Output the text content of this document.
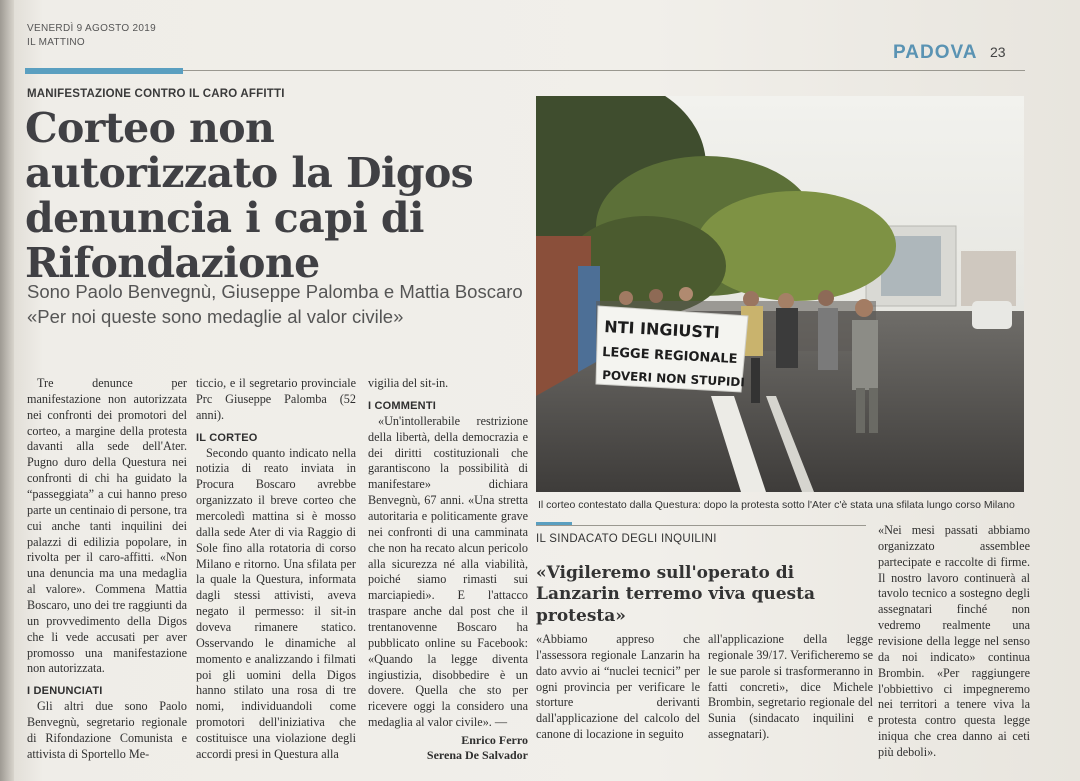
VENERDÌ 9 AGOSTO 2019
IL MATTINO	PADOVA 23
MANIFESTAZIONE CONTRO IL CARO AFFITTI
Corteo non autorizzato la Digos denuncia i capi di Rifondazione
Sono Paolo Benvegnù, Giuseppe Palomba e Mattia Boscaro «Per noi queste sono medaglie al valor civile»

Tre denunce per manifestazione non autorizzata nei confronti dei promotori del corteo, a margine della protesta davanti alla sede dell'Ater. Pugno duro della Questura nei confronti di chi ha guidato la “passeggiata” a cui hanno preso parte un centinaio di persone, tra cui anche tanti inquilini dei palazzi di edilizia popolare, in rivolta per il caro-affitti. «Non una denuncia ma una medaglia al valore». Commena Mattia Boscaro, uno dei tre raggiunti da un provvedimento della Digos che li vede accusati per aver promosso una manifestazione non autorizzata.

I DENUNCIATI

Gli altri due sono Paolo Benvegnù, segretario regionale di Rifondazione Comunista e attivista di Sportello Me-

ticcio, e il segretario provinciale Prc Giuseppe Palomba (52 anni).

IL CORTEO

Secondo quanto indicato nella notizia di reato inviata in Procura Boscaro avrebbe organizzato il breve corteo che mercoledì mattina si è mosso dalla sede Ater di via Raggio di Sole fino alla rotatoria di corso Milano e ritorno. Una sfilata per la quale la Questura, informata dagli stessi attivisti, aveva negato il permesso: il sit-in doveva rimanere statico. Osservando le dinamiche al momento e analizzando i filmati poi gli uomini della Digos hanno stilato una rosa di tre nomi, individuandoli come promotori dell'iniziativa che costituisce una violazione degli accordi presi in Questura alla

vigilia del sit-in.

I COMMENTI

«Un'intollerabile restrizione della libertà, della democrazia e dei diritti costituzionali che garantiscono la possibilità di manifestare» dichiara Benvegnù, 67 anni. «Una stretta autoritaria e politicamente grave nei confronti di una camminata che non ha recato alcun pericolo alla sicurezza né alla viabilità, poiché siamo rimasti sui marciapiedi». E l'attacco traspare anche dal post che il trentanovenne Boscaro ha pubblicato online su Facebook: «Quando la legge diventa ingiustizia, disobbedire è un dovere. Quella che sto per ricevere oggi la considero una medaglia al valor civile». —

Enrico Ferro
Serena De Salvador
NTI INGIUSTI
LEGGE REGIONALE
POVERI NON STUPIDI
Il corteo contestato dalla Questura: dopo la protesta sotto l'Ater c'è stata una sfilata lungo corso Milano
IL SINDACATO DEGLI INQUILINI
«Vigileremo sull'operato di Lanzarin terremo viva questa protesta»
«Abbiamo appreso che l'assessora regionale Lanzarin ha dato avvio ai “nuclei tecnici” per ogni provincia per verificare le storture derivanti dall'applicazione del calcolo del canone di locazione in seguito
all'applicazione della legge regionale 39/17. Verificheremo se le sue parole si trasformeranno in fatti concreti», dice Michele Brombin, segretario regionale del Sunia (sindacato inquilini e assegnatari).
«Nei mesi passati abbiamo organizzato assemblee partecipate e raccolte di firme. Il nostro lavoro continuerà al tavolo tecnico a sostegno degli assegnatari finché non vedremo realmente una revisione della legge nel senso da noi indicato» continua Brombin. «Per raggiungere l'obbiettivo ci impegneremo nei territori a tenere viva la protesta contro questa legge iniqua che crea danno ai ceti più deboli».
